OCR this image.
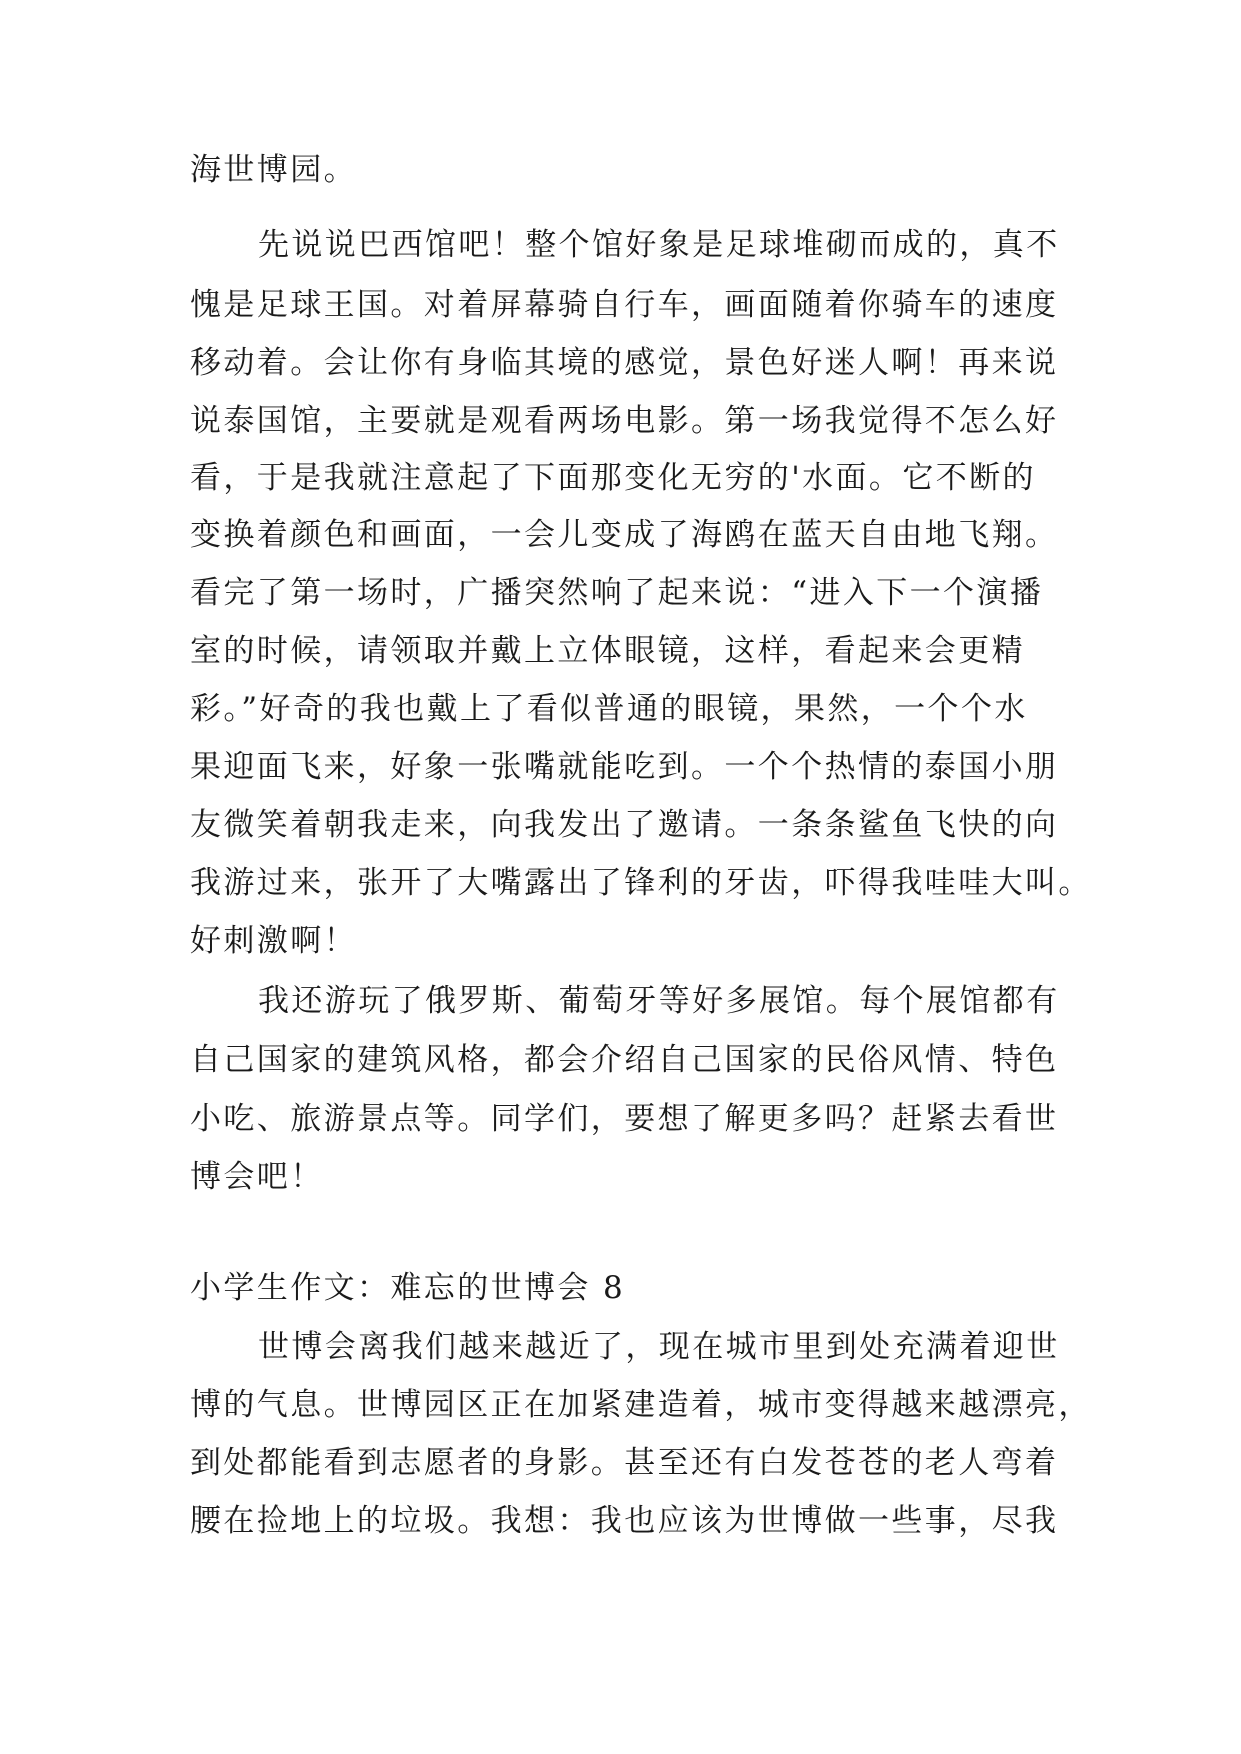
海世博园。
先说说巴西馆吧！整个馆好象是足球堆砌而成的，真不
愧是足球王国。对着屏幕骑自行车，画面随着你骑车的速度
移动着。会让你有身临其境的感觉，景色好迷人啊！再来说
说泰国馆，主要就是观看两场电影。第一场我觉得不怎么好
看，于是我就注意起了下面那变化无穷的'水面。它不断的
变换着颜色和画面，一会儿变成了海鸥在蓝天自由地飞翔。
看完了第一场时，广播突然响了起来说：“进入下一个演播
室的时候，请领取并戴上立体眼镜，这样，看起来会更精
彩。”好奇的我也戴上了看似普通的眼镜，果然，一个个水
果迎面飞来，好象一张嘴就能吃到。一个个热情的泰国小朋
友微笑着朝我走来，向我发出了邀请。一条条鲨鱼飞快的向
我游过来，张开了大嘴露出了锋利的牙齿，吓得我哇哇大叫。
好刺激啊！
我还游玩了俄罗斯、葡萄牙等好多展馆。每个展馆都有
自己国家的建筑风格，都会介绍自己国家的民俗风情、特色
小吃、旅游景点等。同学们，要想了解更多吗？赶紧去看世
博会吧！
小学生作文：难忘的世博会 8
世博会离我们越来越近了，现在城市里到处充满着迎世
博的气息。世博园区正在加紧建造着，城市变得越来越漂亮，
到处都能看到志愿者的身影。甚至还有白发苍苍的老人弯着
腰在捡地上的垃圾。我想：我也应该为世博做一些事，尽我
